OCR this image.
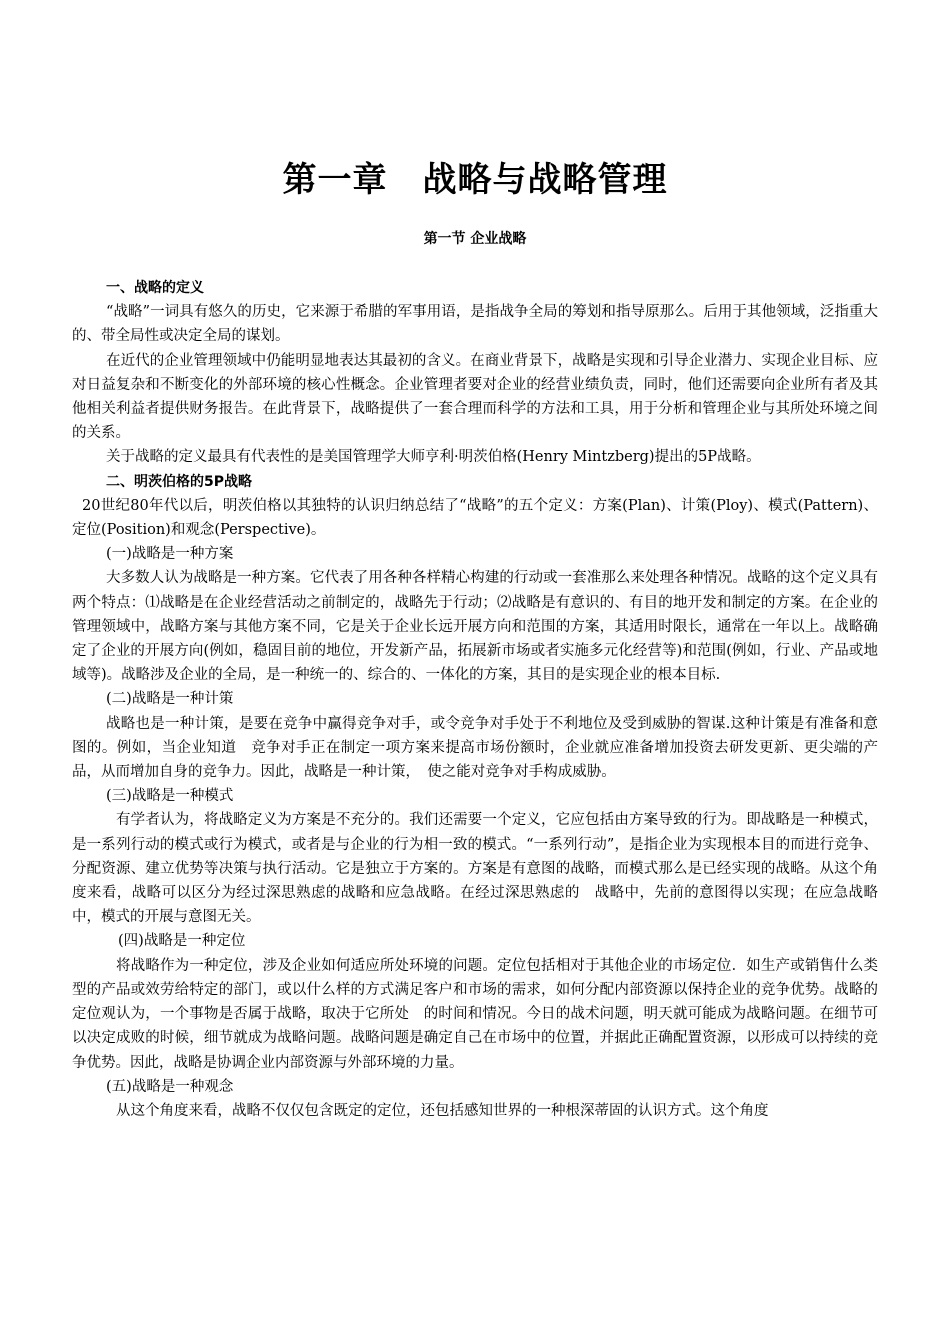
第一章　战略与战略管理
第一节 企业战略

一、战略的定义

“战略”一词具有悠久的历史，它来源于希腊的军事用语，是指战争全局的筹划和指导原那么。后用于其他领域，泛指重大的、带全局性或决定全局的谋划。

在近代的企业管理领域中仍能明显地表达其最初的含义。在商业背景下，战略是实现和引导企业潜力、实现企业目标、应对日益复杂和不断变化的外部环境的核心性概念。企业管理者要对企业的经营业绩负责，同时，他们还需要向企业所有者及其他相关利益者提供财务报告。在此背景下，战略提供了一套合理而科学的方法和工具，用于分析和管理企业与其所处环境之间的关系。

关于战略的定义最具有代表性的是美国管理学大师亨利·明茨伯格(Henry Mintzberg)提出的5P战略。

二、明茨伯格的5P战略

20世纪80年代以后，明茨伯格以其独特的认识归纳总结了“战略”的五个定义：方案(Plan)、计策(Ploy)、模式(Pattern)、定位(Position)和观念(Perspective)。

(一)战略是一种方案

大多数人认为战略是一种方案。它代表了用各种各样精心构建的行动或一套准那么来处理各种情况。战略的这个定义具有两个特点：⑴战略是在企业经营活动之前制定的，战略先于行动；⑵战略是有意识的、有目的地开发和制定的方案。在企业的管理领域中，战略方案与其他方案不同，它是关于企业长远开展方向和范围的方案，其适用时限长，通常在一年以上。战略确定了企业的开展方向(例如，稳固目前的地位，开发新产品，拓展新市场或者实施多元化经营等)和范围(例如，行业、产品或地域等)。战略涉及企业的全局，是一种统一的、综合的、一体化的方案，其目的是实现企业的根本目标.

(二)战略是一种计策

战略也是一种计策，是要在竞争中赢得竞争对手，或令竞争对手处于不利地位及受到威胁的智谋.这种计策是有准备和意图的。例如，当企业知道　竞争对手正在制定一项方案来提高市场份额时，企业就应准备增加投资去研发更新、更尖端的产品，从而增加自身的竞争力。因此，战略是一种计策，　使之能对竞争对手构成威胁。

(三)战略是一种模式

有学者认为，将战略定义为方案是不充分的。我们还需要一个定义，它应包括由方案导致的行为。即战略是一种模式，是一系列行动的模式或行为模式，或者是与企业的行为相一致的模式。“一系列行动”，是指企业为实现根本目的而进行竞争、分配资源、建立优势等决策与执行活动。它是独立于方案的。方案是有意图的战略，而模式那么是已经实现的战略。从这个角度来看，战略可以区分为经过深思熟虑的战略和应急战略。在经过深思熟虑的　战略中，先前的意图得以实现；在应急战略中，模式的开展与意图无关。

(四)战略是一种定位

将战略作为一种定位，涉及企业如何适应所处环境的问题。定位包括相对于其他企业的市场定位．如生产或销售什么类型的产品或效劳给特定的部门，或以什么样的方式满足客户和市场的需求，如何分配内部资源以保持企业的竞争优势。战略的定位观认为，一个事物是否属于战略，取决于它所处　的时间和情况。今日的战术问题，明天就可能成为战略问题。在细节可以决定成败的时候，细节就成为战略问题。战略问题是确定自己在市场中的位置，并据此正确配置资源，以形成可以持续的竞争优势。因此，战略是协调企业内部资源与外部环境的力量。

(五)战略是一种观念

从这个角度来看，战略不仅仅包含既定的定位，还包括感知世界的一种根深蒂固的认识方式。这个角度
